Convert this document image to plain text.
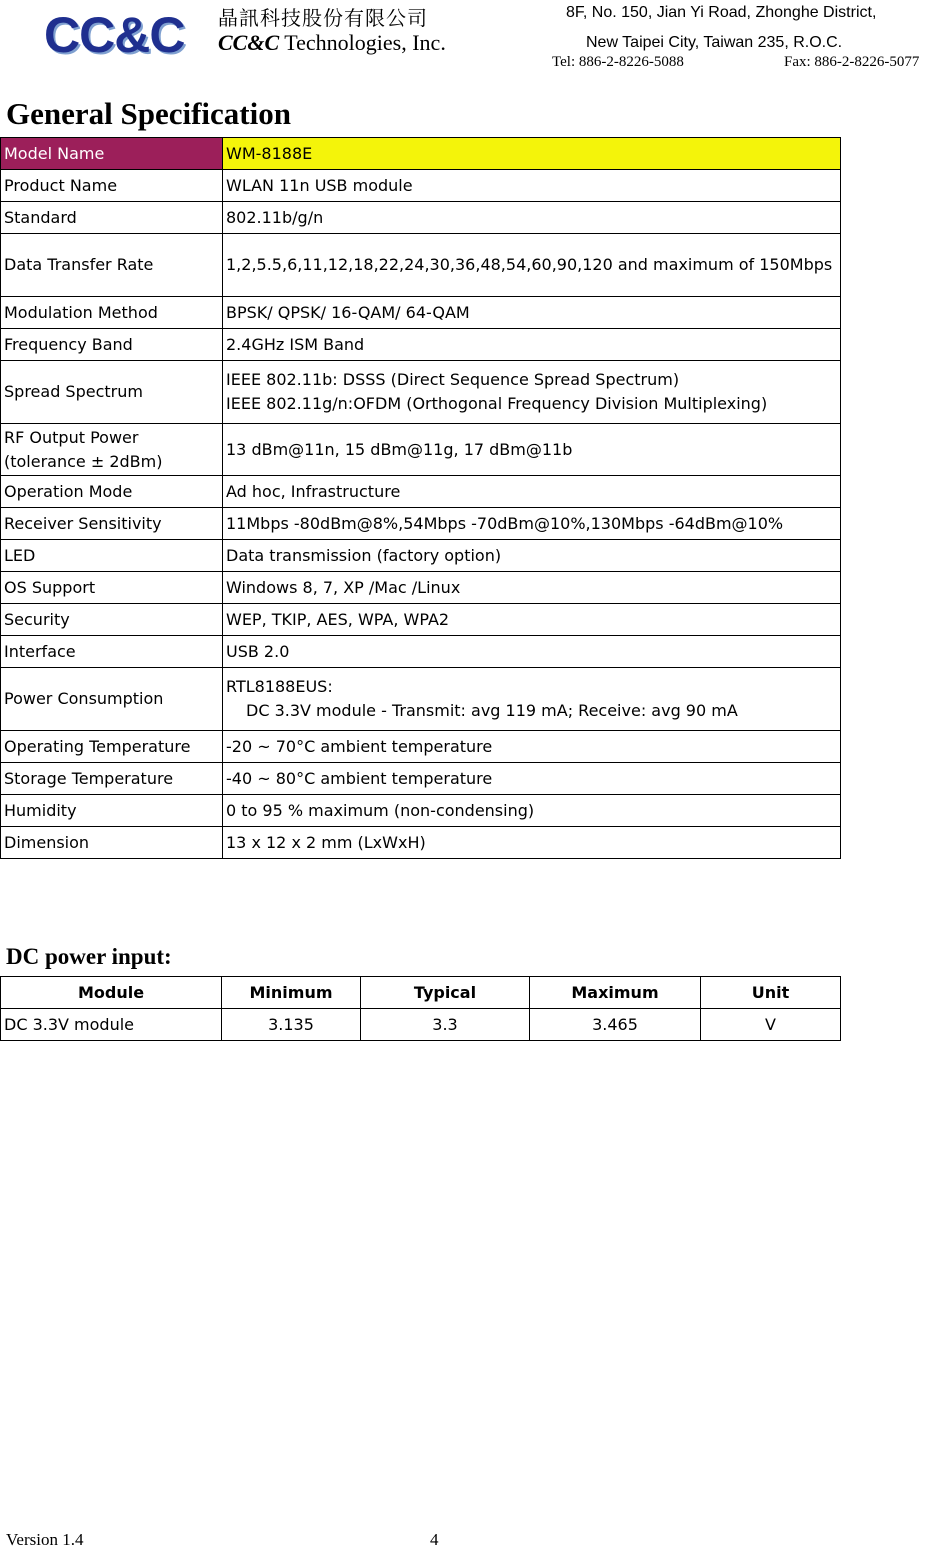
CC&C 晶訊科技股份有限公司
CC&C Technologies, Inc.
8F, No. 150, Jian Yi Road, Zhonghe District,
New Taipei City, Taiwan 235, R.O.C.
Tel: 886-2-8226-5088	Fax: 886-2-8226-5077
General Specification
Model Name	WM-8188E
Product Name	WLAN 11n USB module
Standard	802.11b/g/n
Data Transfer Rate	1,2,5.5,6,11,12,18,22,24,30,36,48,54,60,90,120 and maximum of 150Mbps
Modulation Method	BPSK/ QPSK/ 16-QAM/ 64-QAM
Frequency Band	2.4GHz ISM Band
Spread Spectrum	IEEE 802.11b: DSSS (Direct Sequence Spread Spectrum)
IEEE 802.11g/n:OFDM (Orthogonal Frequency Division Multiplexing)

RF Output Power
(tolerance ± 2dBm)	13 dBm@11n, 15 dBm@11g, 17 dBm@11b
Operation Mode	Ad hoc, Infrastructure
Receiver Sensitivity	11Mbps -80dBm@8%,54Mbps -70dBm@10%,130Mbps -64dBm@10%
LED	Data transmission (factory option)
OS Support	Windows 8, 7, XP /Mac /Linux
Security	WEP, TKIP, AES, WPA, WPA2
Interface	USB 2.0
Power Consumption	RTL8188EUS:
DC 3.3V module - Transmit: avg 119 mA; Receive: avg 90 mA

Operating Temperature	-20 ~ 70°C ambient temperature
Storage Temperature	-40 ~ 80°C ambient temperature
Humidity	0 to 95 % maximum (non-condensing)
Dimension	13 x 12 x 2 mm (LxWxH)
DC power input:
Module	Minimum	Typical	Maximum	Unit
DC 3.3V module	3.135	3.3	3.465	V
Version 1.4	4
